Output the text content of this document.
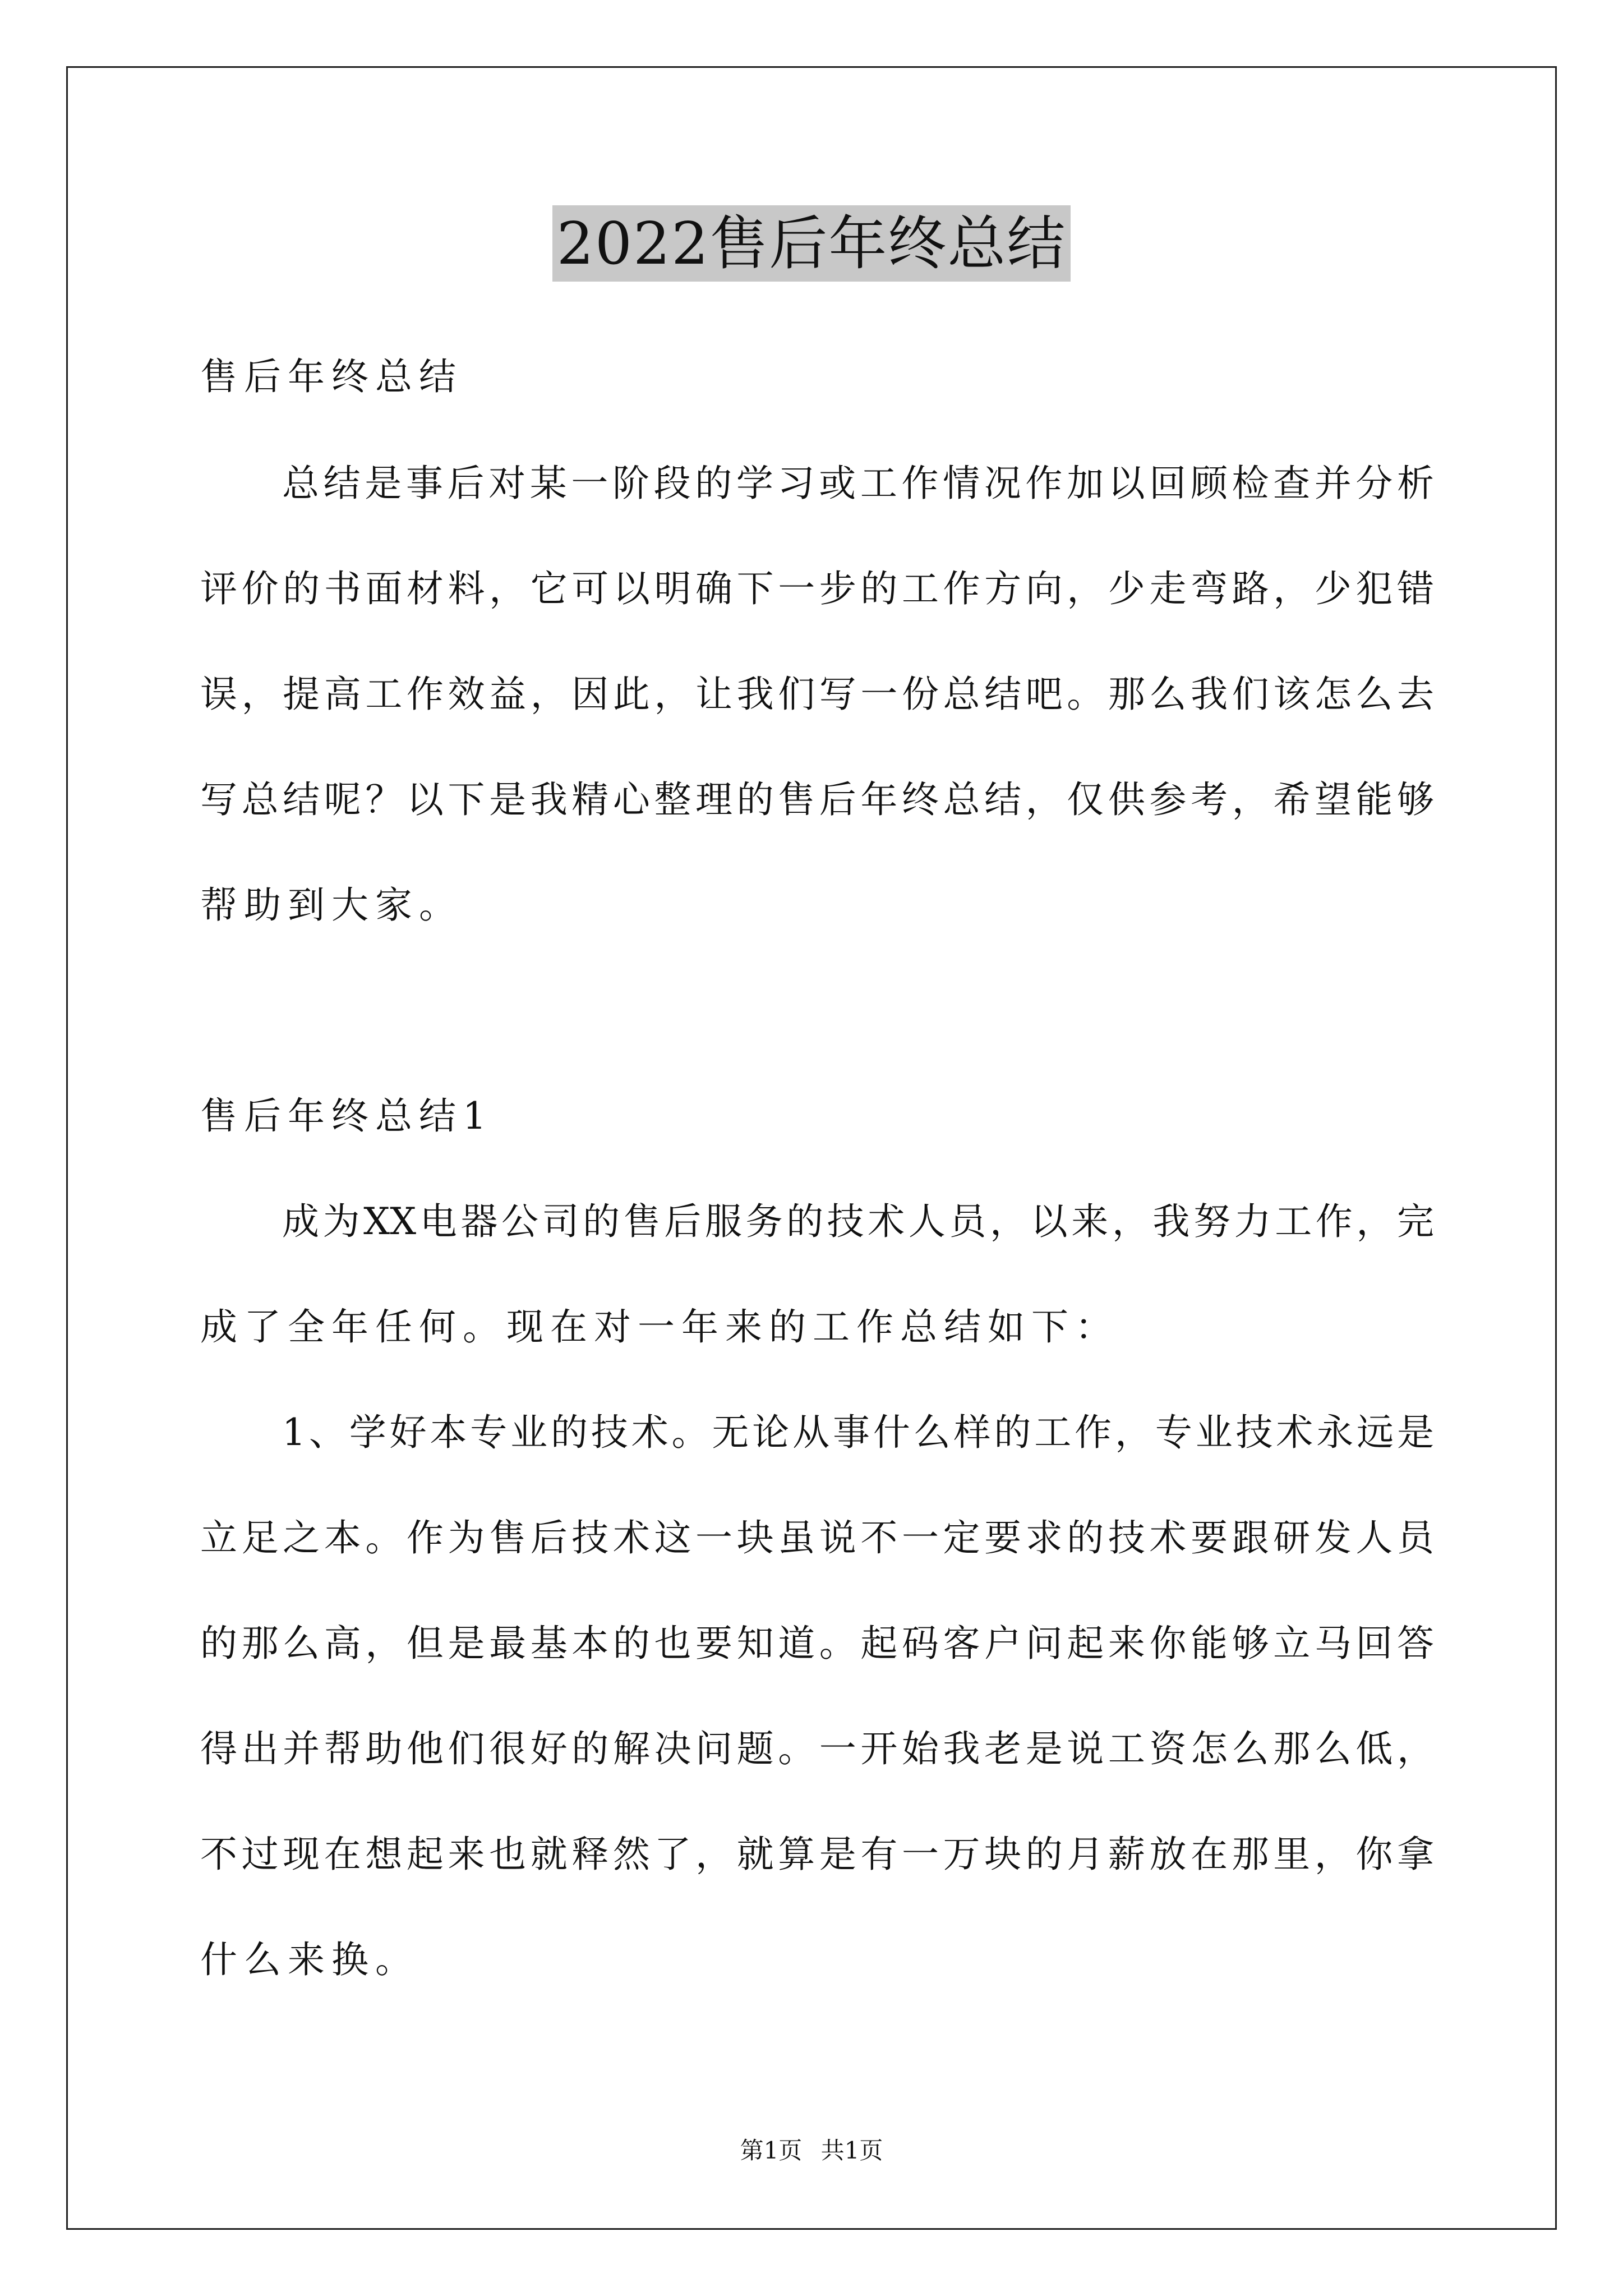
2022售后年终总结
售后年终总结
总结是事后对某一阶段的学习或工作情况作加以回顾检查并分析
评价的书面材料，它可以明确下一步的工作方向，少走弯路，少犯错
误，提高工作效益，因此，让我们写一份总结吧。那么我们该怎么去
写总结呢？以下是我精心整理的售后年终总结，仅供参考，希望能够
帮助到大家。
售后年终总结1
成为XX电器公司的售后服务的技术人员，以来，我努力工作，完
成了全年任何。现在对一年来的工作总结如下：
1、学好本专业的技术。无论从事什么样的工作，专业技术永远是
立足之本。作为售后技术这一块虽说不一定要求的技术要跟研发人员
的那么高，但是最基本的也要知道。起码客户问起来你能够立马回答
得出并帮助他们很好的解决问题。一开始我老是说工资怎么那么低，
不过现在想起来也就释然了，就算是有一万块的月薪放在那里，你拿
什么来换。
第1页 共1页
